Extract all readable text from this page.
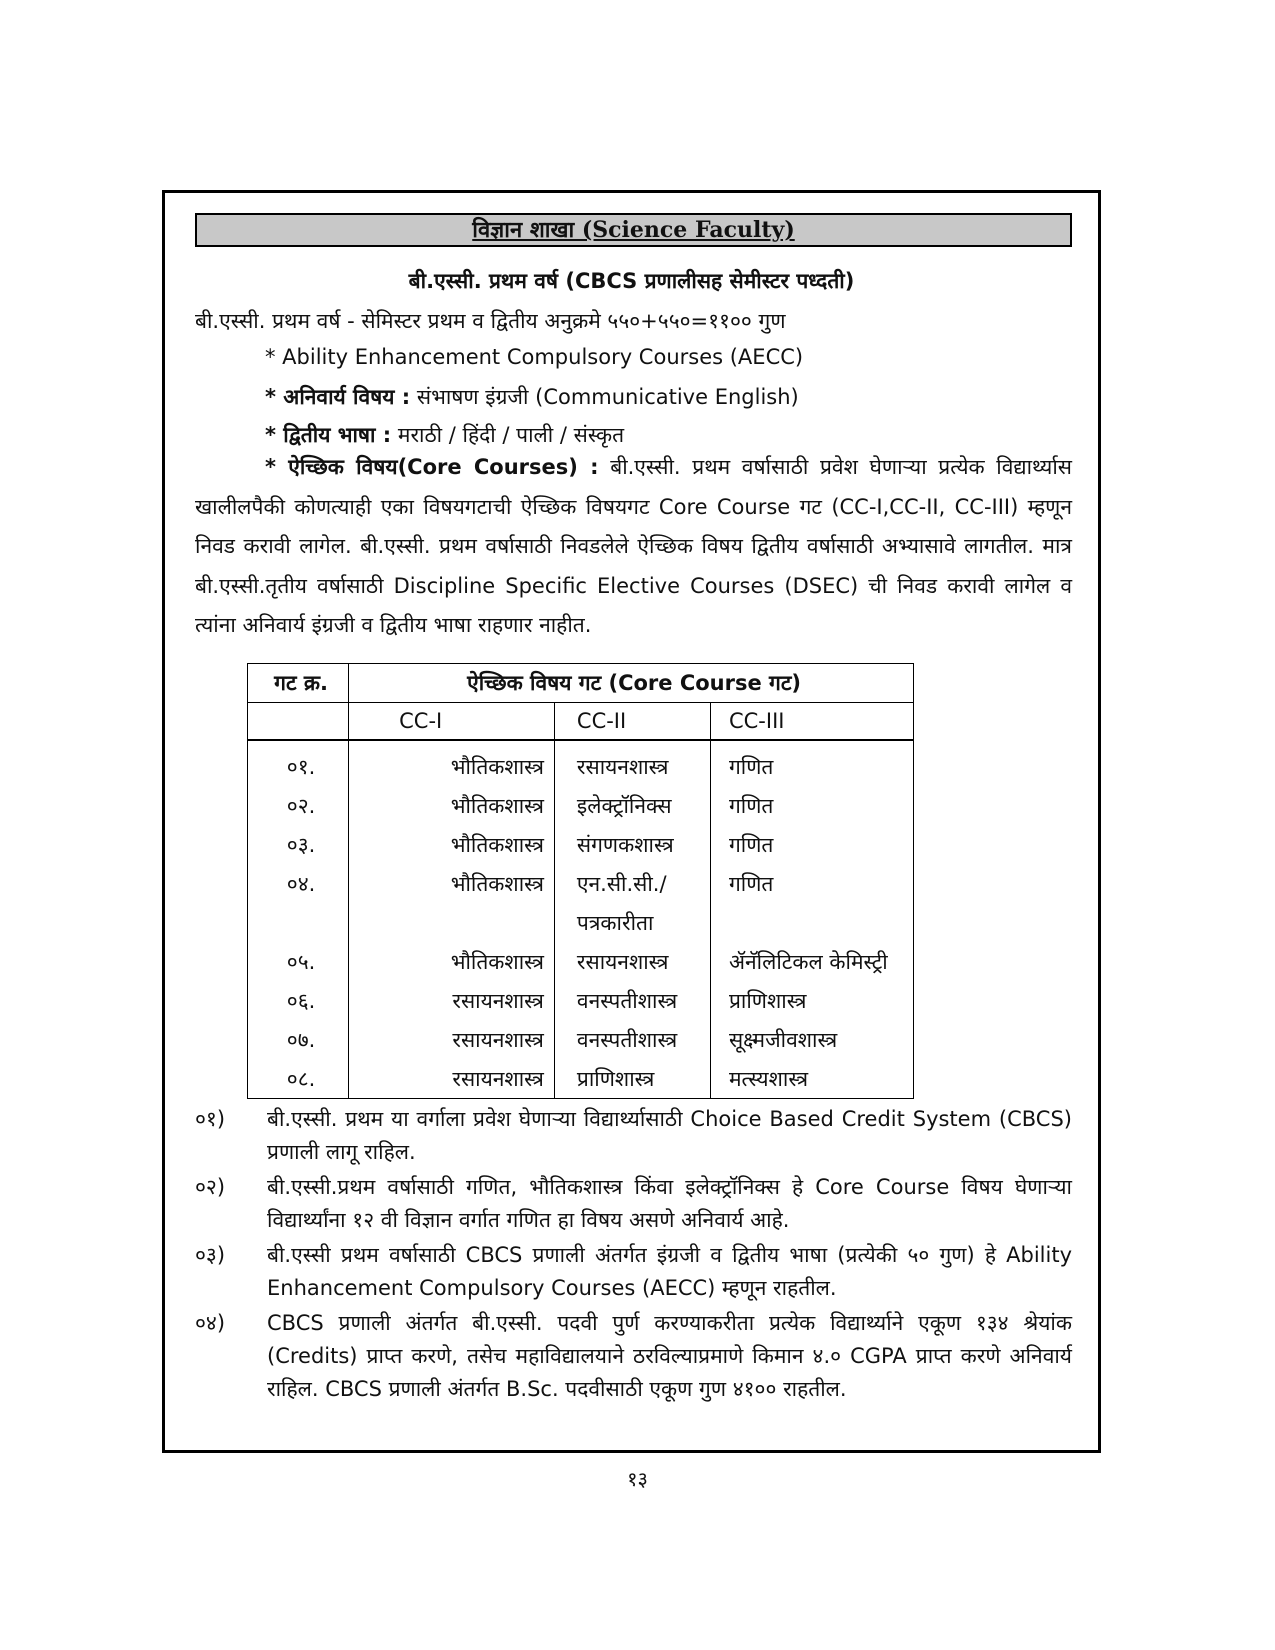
विज्ञान शाखा (Science Faculty)
बी.एस्सी. प्रथम वर्ष (CBCS प्रणालीसह सेमीस्टर पध्दती)
बी.एस्सी. प्रथम वर्ष - सेमिस्टर प्रथम व द्वितीय अनुक्रमे ५५०+५५०=११०० गुण
* Ability Enhancement Compulsory Courses (AECC)
* अनिवार्य विषय : संभाषण इंग्रजी (Communicative English)
* द्वितीय भाषा : मराठी / हिंदी / पाली / संस्कृत
* ऐच्छिक विषय(Core Courses) : बी.एस्सी. प्रथम वर्षासाठी प्रवेश घेणाऱ्या प्रत्येक विद्यार्थ्यास खालीलपैकी कोणत्याही एका विषयगटाची ऐच्छिक विषयगट Core Course गट (CC-I,CC-II, CC-III) म्हणून निवड करावी लागेल. बी.एस्सी. प्रथम वर्षासाठी निवडलेले ऐच्छिक विषय द्वितीय वर्षासाठी अभ्यासावे लागतील. मात्र बी.एस्सी.तृतीय वर्षासाठी Discipline Specific Elective Courses (DSEC) ची निवड करावी लागेल व त्यांना अनिवार्य इंग्रजी व द्वितीय भाषा राहणार नाहीत.
गट क्र.	ऐच्छिक विषय गट (Core Course गट)		
	CC-I	CC-II	CC-III
०१.	भौतिकशास्त्र	रसायनशास्त्र	गणित
०२.	भौतिकशास्त्र	इलेक्ट्रॉनिक्स	गणित
०३.	भौतिकशास्त्र	संगणकशास्त्र	गणित
०४.	भौतिकशास्त्र	एन.सी.सी./	गणित
		पत्रकारीता	
०५.	भौतिकशास्त्र	रसायनशास्त्र	ॲनॅलिटिकल केमिस्ट्री
०६.	रसायनशास्त्र	वनस्पतीशास्त्र	प्राणिशास्त्र
०७.	रसायनशास्त्र	वनस्पतीशास्त्र	सूक्ष्मजीवशास्त्र
०८.	रसायनशास्त्र	प्राणिशास्त्र	मत्स्यशास्त्र
०१)	बी.एस्सी. प्रथम या वर्गाला प्रवेश घेणाऱ्या विद्यार्थ्यासाठी Choice Based Credit System (CBCS) प्रणाली लागू राहिल.
०२)	बी.एस्सी.प्रथम वर्षासाठी गणित, भौतिकशास्त्र किंवा इलेक्ट्रॉनिक्स हे Core Course विषय घेणाऱ्या विद्यार्थ्यांना १२ वी विज्ञान वर्गात गणित हा विषय असणे अनिवार्य आहे.
०३)	बी.एस्सी प्रथम वर्षासाठी CBCS प्रणाली अंतर्गत इंग्रजी व द्वितीय भाषा (प्रत्येकी ५० गुण) हे Ability Enhancement Compulsory Courses (AECC) म्हणून राहतील.
०४)	CBCS प्रणाली अंतर्गत बी.एस्सी. पदवी पुर्ण करण्याकरीता प्रत्येक विद्यार्थ्याने एकूण १३४ श्रेयांक (Credits) प्राप्त करणे, तसेच महाविद्यालयाने ठरविल्याप्रमाणे किमान ४.० CGPA प्राप्त करणे अनिवार्य राहिल. CBCS प्रणाली अंतर्गत B.Sc. पदवीसाठी एकूण गुण ४१०० राहतील.
१३
